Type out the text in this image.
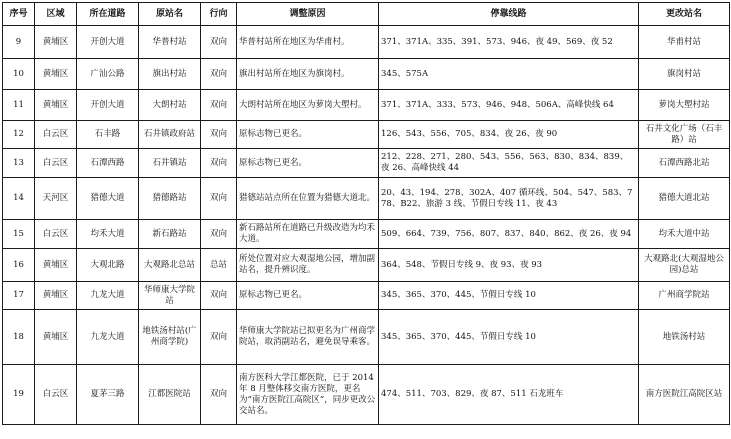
序号	区域	所在道路	原站名	行向	调整原因	停靠线路	更改站名
9	黄埔区	开创大道	华普村站	双向	华普村站所在地区为华甫村。	371、371A、335、391、573、946、夜 49、569、夜 52	华甫村站
10	黄埔区	广汕公路	旗出村站	双向	旗出村站所在地区为旗岗村。	345、575A	旗岗村站
11	黄埔区	开创大道	大朗村站	双向	大朗村站所在地区为萝岗大塱村。	371、371A、333、573、946、948、506A、高峰快线 64	萝岗大塱村站
12	白云区	石丰路	石井镇政府站	双向	原标志物已更名。	126、543、556、705、834、夜 26、夜 90	石井文化广场（石丰路）站
13	白云区	石潭西路	石井镇站	双向	原标志物已更名。	212、228、271、280、543、556、563、830、834、839、夜 26、高峰快线 44	石潭西路北站
14	天河区	猎德大道	猎德路站	双向	猎德站站点所在位置为猎德大道北。	20、43、194、278、302A、407 循环线、504、547、583、778、B22、旅游 3 线、节假日专线 11、夜 43	猎德大道北站
15	白云区	均禾大道	新石路站	双向	新石路站所在道路已升级改造为均禾大道。	509、664、739、756、807、837、840、862、夜 26、夜 94	均禾大道中站
16	黄埔区	大观北路	大观路北总站	总站	所处位置对应大观湿地公园，增加副站名，提升辨识度。	364、548、节假日专线 9、夜 93、夜 93	大观路北(大观湿地公园)总站
17	黄埔区	九龙大道	华师康大学院站	双向	原标志物已更名。	345、365、370、445、节假日专线 10	广州商学院站
18	黄埔区	九龙大道	地铁汤村站(广州商学院)	双向	华师康大学院站已拟更名为广州商学院站，取消副站名，避免误导乘客。	345、365、370、445、节假日专线 10	地铁汤村站
19	白云区	夏茅三路	江都医院站	双向	南方医科大学江都医院，已于 2014 年 8 月整体移交南方医院，更名为“南方医院江高院区”，同步更改公交站名。	474、511、703、829、夜 87、511 石龙班车	南方医院江高院区站
